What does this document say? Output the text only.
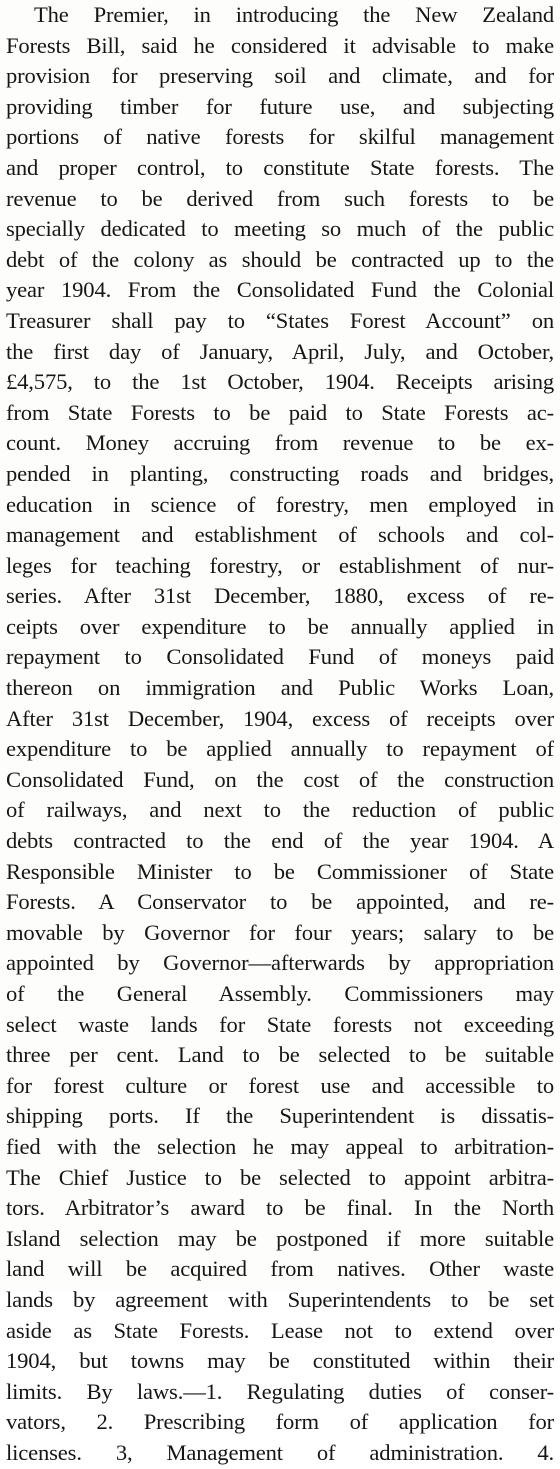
The Premier, in introducing the New Zealand
Forests Bill, said he considered it advisable to make
provision for preserving soil and climate, and for
providing timber for future use, and subjecting
portions of native forests for skilful management
and proper control, to constitute State forests. The
revenue to be derived from such forests to be
specially dedicated to meeting so much of the public
debt of the colony as should be contracted up to the
year 1904. From the Consolidated Fund the Colonial
Treasurer shall pay to “States Forest Account” on
the first day of January, April, July, and October,
£4,575, to the 1st October, 1904. Receipts arising
from State Forests to be paid to State Forests ac-
count. Money accruing from revenue to be ex-
pended in planting, constructing roads and bridges,
education in science of forestry, men employed in
management and establishment of schools and col-
leges for teaching forestry, or establishment of nur-
series. After 31st December, 1880, excess of re-
ceipts over expenditure to be annually applied in
repayment to Consolidated Fund of moneys paid
thereon on immigration and Public Works Loan,
After 31st December, 1904, excess of receipts over
expenditure to be applied annually to repayment of
Consolidated Fund, on the cost of the construction
of railways, and next to the reduction of public
debts contracted to the end of the year 1904. A
Responsible Minister to be Commissioner of State
Forests. A Conservator to be appointed, and re-
movable by Governor for four years; salary to be
appointed by Governor—afterwards by appropriation
of the General Assembly. Commissioners may
select waste lands for State forests not exceeding
three per cent. Land to be selected to be suitable
for forest culture or forest use and accessible to
shipping ports. If the Superintendent is dissatis-
fied with the selection he may appeal to arbitration-
The Chief Justice to be selected to appoint arbitra-
tors. Arbitrator’s award to be final. In the North
Island selection may be postponed if more suitable
land will be acquired from natives. Other waste
lands by agreement with Superintendents to be set
aside as State Forests. Lease not to extend over
1904, but towns may be constituted within their
limits. By laws.—1. Regulating duties of conser-
vators, 2. Prescribing form of application for
licenses. 3, Management of administration. 4.
